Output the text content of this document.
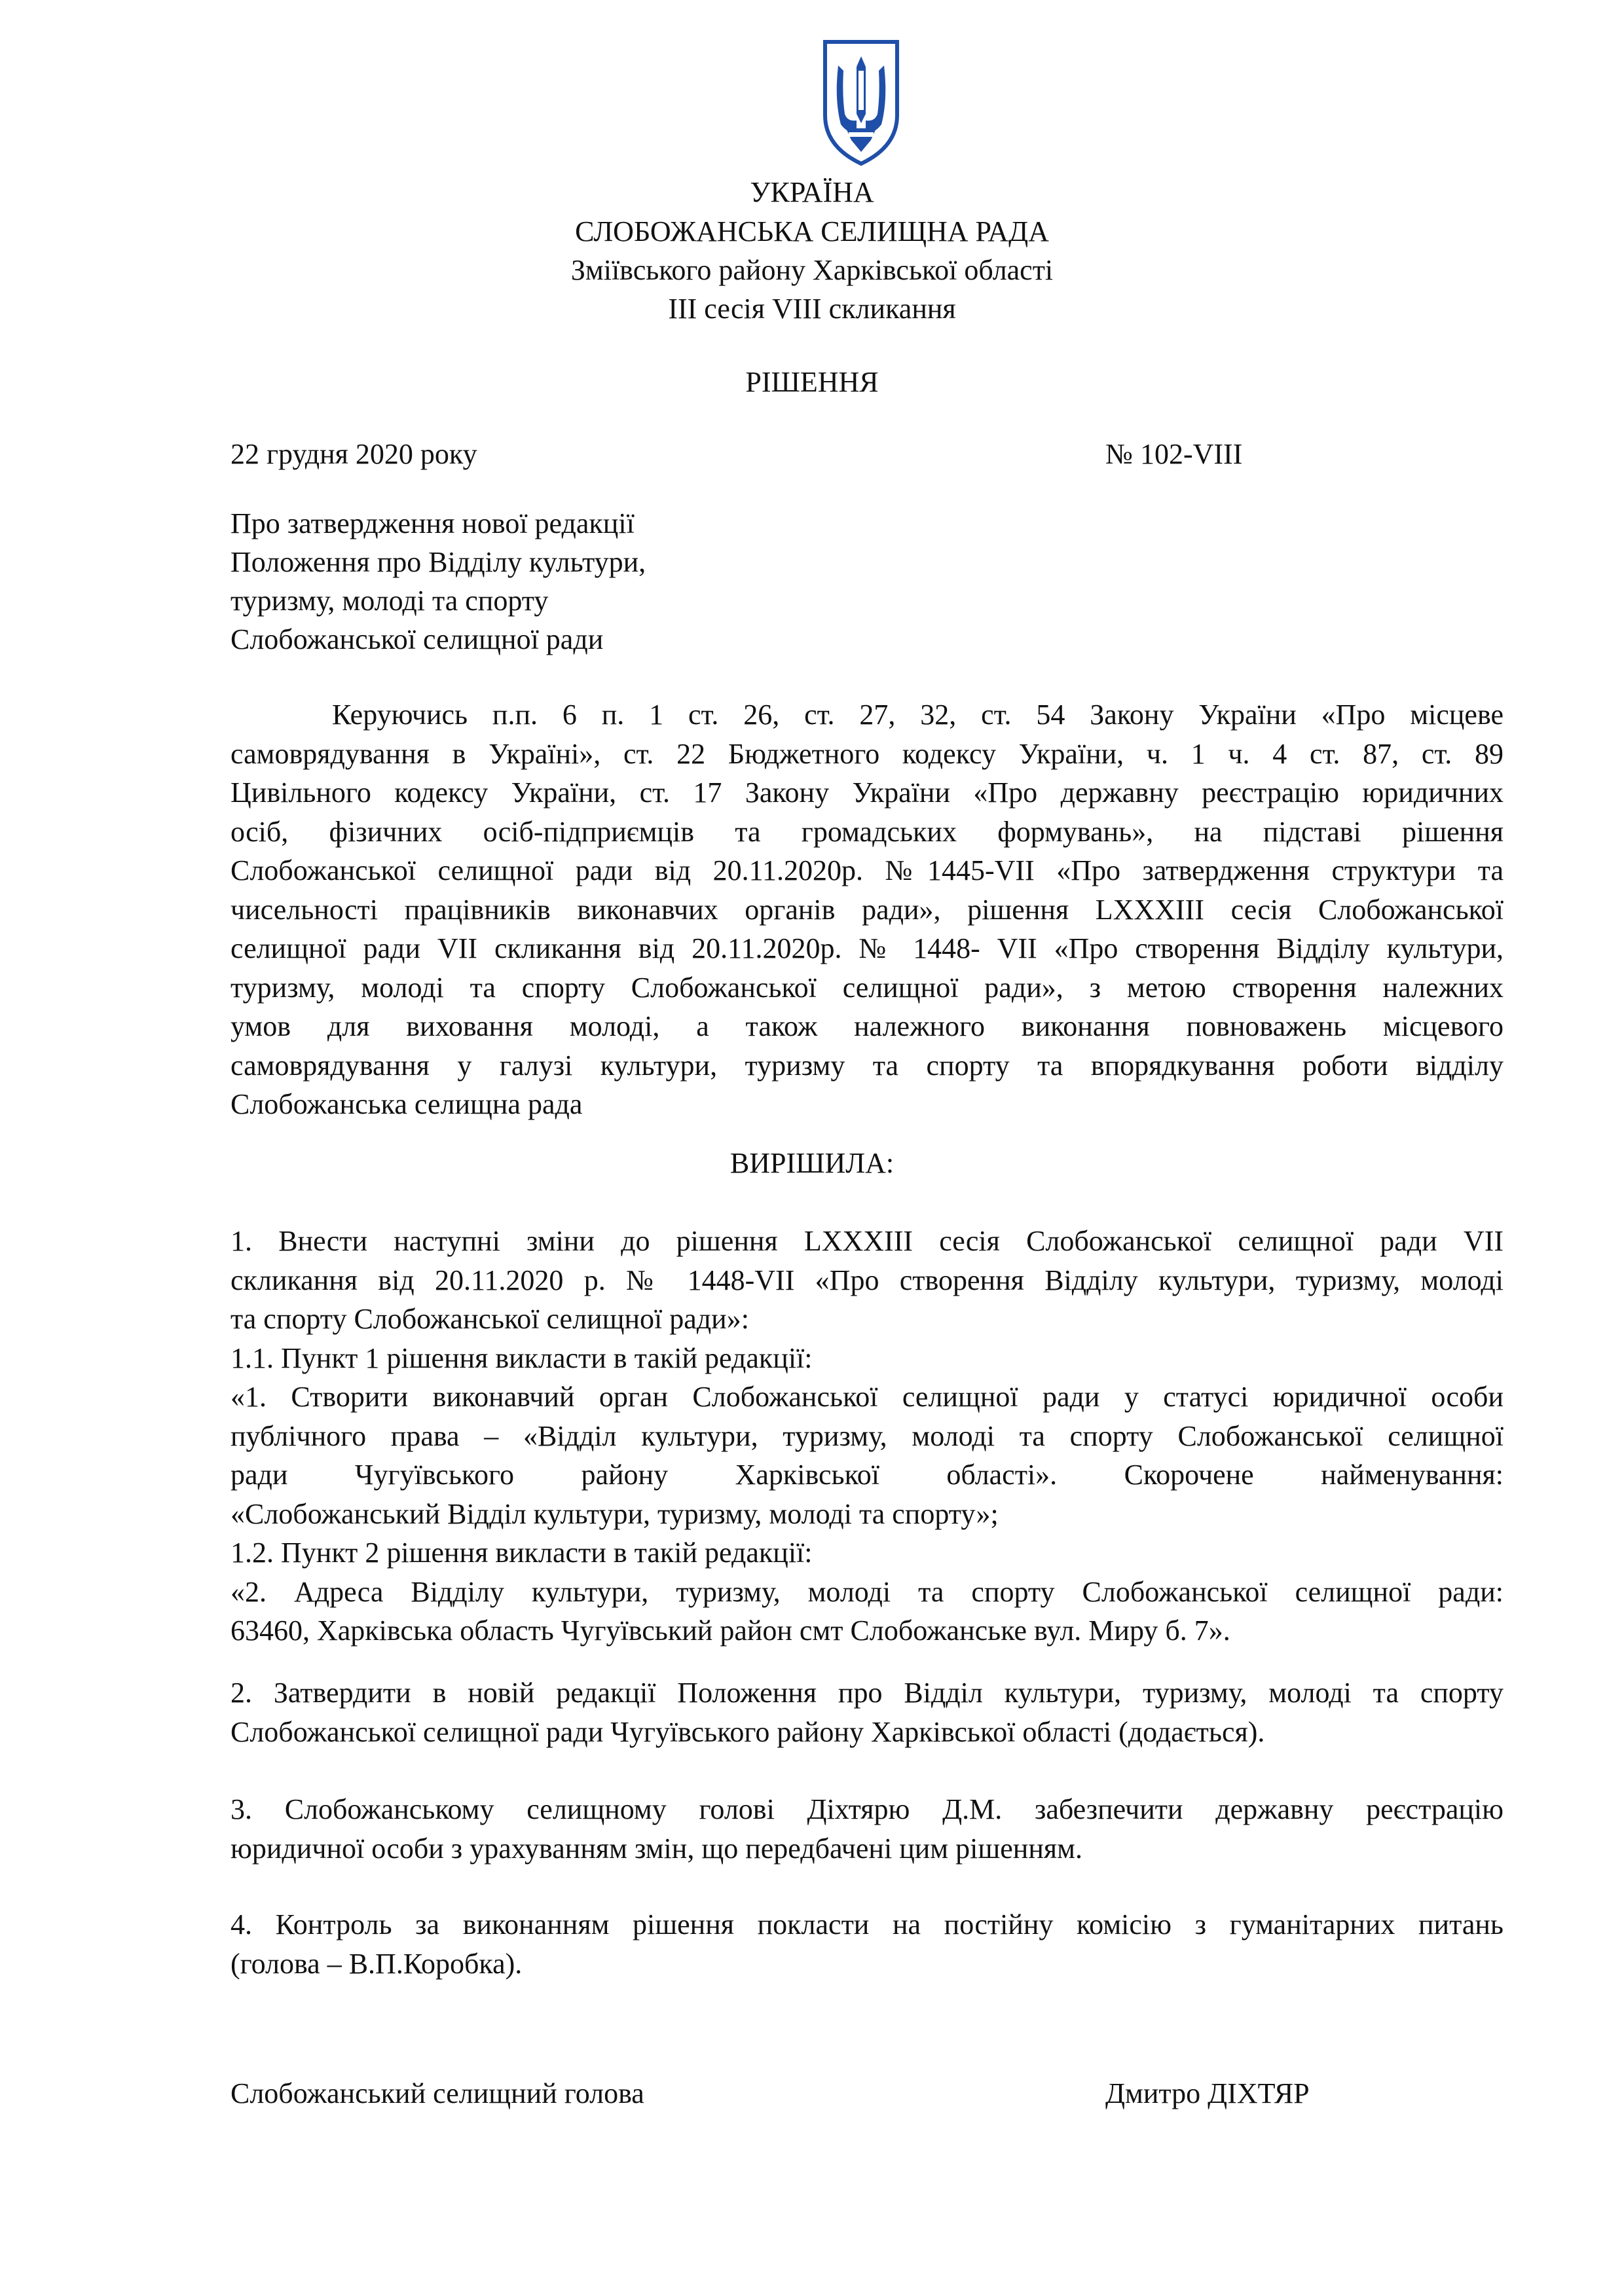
УКРАЇНА
СЛОБОЖАНСЬКА СЕЛИЩНА РАДА
Зміївського району Харківської області
ІІІ сесія VIІI скликання
РІШЕННЯ
22 грудня 2020 року	№ 102-VIІI
Про затвердження нової редакції
Положення про Відділу культури,
туризму, молоді та спорту
Слобожанської селищної ради
Керуючись п.п. 6 п. 1 ст. 26, ст. 27, 32, ст. 54 Закону України «Про місцеве
самоврядування в Україні», ст. 22 Бюджетного кодексу України, ч. 1 ч. 4 ст. 87, ст. 89
Цивільного кодексу України, ст. 17 Закону України «Про державну реєстрацію юридичних
осіб, фізичних осіб-підприємців та громадських формувань», на підставі рішення
Слобожанської селищної ради від 20.11.2020р. №1445-VII «Про затвердження структури та
чисельності працівників виконавчих органів ради», рішення LXXXIII сесія Слобожанської
селищної ради VII скликання від 20.11.2020р. № 1448- VII «Про створення Відділу культури,
туризму, молоді та спорту Слобожанської селищної ради», з метою створення належних
умов для виховання молоді, а також належного виконання повноважень місцевого
самоврядування у галузі культури, туризму та спорту та впорядкування роботи відділу
Слобожанська селищна рада
ВИРІШИЛА:
1. Внести наступні зміни до рішення LXXXIII сесія Слобожанської селищної ради VII
скликання від 20.11.2020 р. № 1448-VII «Про створення Відділу культури, туризму, молоді
та спорту Слобожанської селищної ради»:
1.1. Пункт 1 рішення викласти в такій редакції:
«1. Створити виконавчий орган Слобожанської селищної ради у статусі юридичної особи
публічного права – «Відділ культури, туризму, молоді та спорту Слобожанської селищної
ради Чугуївського району Харківської області». Скорочене найменування:
«Слобожанський Відділ культури, туризму, молоді та спорту»;
1.2. Пункт 2 рішення викласти в такій редакції:
«2. Адреса Відділу культури, туризму, молоді та спорту Слобожанської селищної ради:
63460, Харківська область Чугуївський район смт Слобожанське вул. Миру б. 7».
2. Затвердити в новій редакції Положення про Відділ культури, туризму, молоді та спорту
Слобожанської селищної ради Чугуївського району Харківської області (додається).
3. Слобожанському селищному голові Діхтярю Д.М. забезпечити державну реєстрацію
юридичної особи з урахуванням змін, що передбачені цим рішенням.
4. Контроль за виконанням рішення покласти на постійну комісію з гуманітарних питань
(голова – В.П.Коробка).
Слобожанський селищний голова	Дмитро ДІХТЯР
